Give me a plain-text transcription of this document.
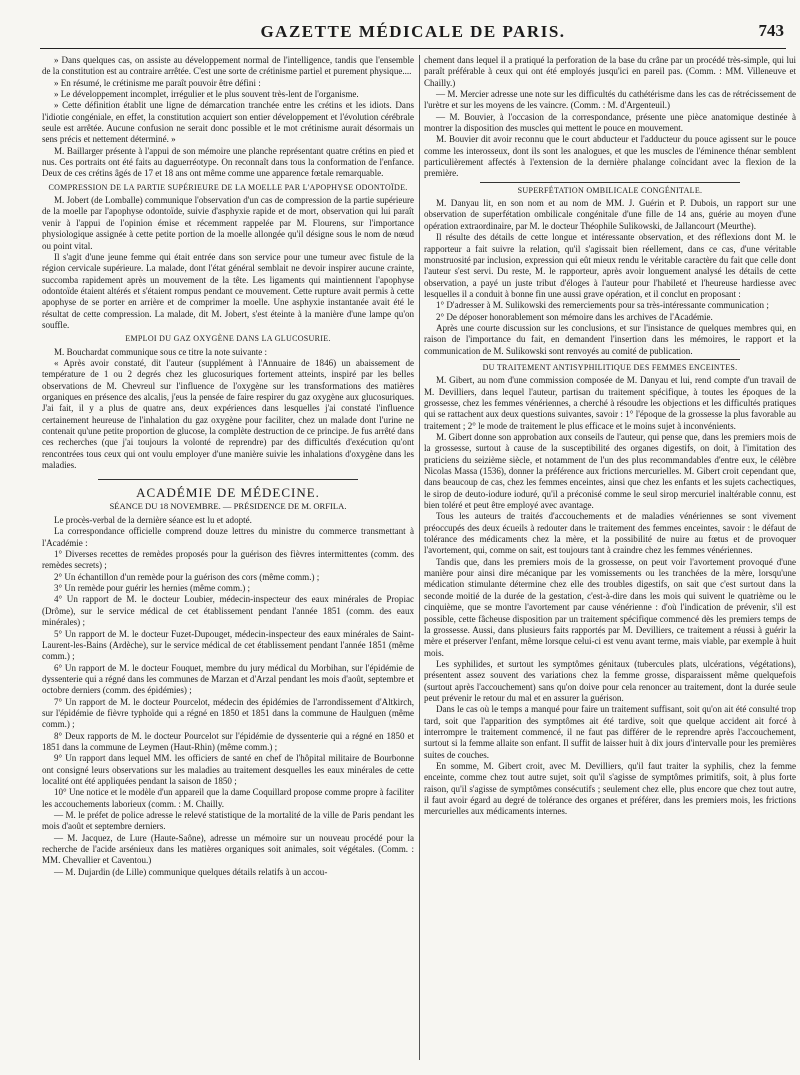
GAZETTE MÉDICALE DE PARIS.	743

» Dans quelques cas, on assiste au développement normal de l'intelligence, tandis que l'ensemble de la constitution est au contraire arrêtée. C'est une sorte de crétinisme partiel et purement physique....

» En résumé, le crétinisme me paraît pouvoir être défini :

» Le développement incomplet, irrégulier et le plus souvent très-lent de l'organisme.

» Cette définition établit une ligne de démarcation tranchée entre les crétins et les idiots. Dans l'idiotie congéniale, en effet, la constitution acquiert son entier développement et l'évolution cérébrale seule est arrêtée. Aucune confusion ne serait donc possible et le mot crétinisme aurait désormais un sens précis et nettement déterminé. »

M. Baillarger présente à l'appui de son mémoire une planche représentant quatre crétins en pied et nus. Ces portraits ont été faits au daguerréotype. On reconnaît dans tous la conformation de l'enfance. Deux de ces crétins âgés de 17 et 18 ans ont même comme une apparence fœtale remarquable.

COMPRESSION DE LA PARTIE SUPÉRIEURE DE LA MOELLE PAR L'APOPHYSE ODONTOÏDE.

M. Jobert (de Lomballe) communique l'observation d'un cas de compression de la partie supérieure de la moelle par l'apophyse odontoïde, suivie d'asphyxie rapide et de mort, observation qui lui paraît venir à l'appui de l'opinion émise et récemment rappelée par M. Flourens, sur l'importance physiologique assignée à cette petite portion de la moelle allongée qu'il désigne sous le nom de nœud ou point vital.

Il s'agit d'une jeune femme qui était entrée dans son service pour une tumeur avec fistule de la région cervicale supérieure. La malade, dont l'état général semblait ne devoir inspirer aucune crainte, succomba rapidement après un mouvement de la tête. Les ligaments qui maintiennent l'apophyse odontoïde étaient altérés et s'étaient rompus pendant ce mouvement. Cette rupture avait permis à cette apophyse de se porter en arrière et de comprimer la moelle. Une asphyxie instantanée avait été le résultat de cette compression. La malade, dit M. Jobert, s'est éteinte à la manière d'une lampe qu'on souffle.

EMPLOI DU GAZ OXYGÈNE DANS LA GLUCOSURIE.

M. Bouchardat communique sous ce titre la note suivante :

« Après avoir constaté, dit l'auteur (supplément à l'Annuaire de 1846) un abaissement de température de 1 ou 2 degrés chez les glucosuriques fortement atteints, inspiré par les belles observations de M. Chevreul sur l'influence de l'oxygène sur les transformations des matières organiques en présence des alcalis, j'eus la pensée de faire respirer du gaz oxygène aux glucosuriques. J'ai fait, il y a plus de quatre ans, deux expériences dans lesquelles j'ai constaté l'influence certainement heureuse de l'inhalation du gaz oxygène pour faciliter, chez un malade dont l'urine ne contenait qu'une petite proportion de glucose, la complète destruction de ce principe. Je fus arrêté dans ces recherches (que j'ai toujours la volonté de reprendre) par des difficultés d'exécution qu'ont rencontrées tous ceux qui ont voulu employer d'une manière suivie les inhalations d'oxygène dans les maladies.

ACADÉMIE DE MÉDECINE.
SÉANCE DU 18 NOVEMBRE. — PRÉSIDENCE DE M. ORFILA.

Le procès-verbal de la dernière séance est lu et adopté.

La correspondance officielle comprend douze lettres du ministre du commerce transmettant à l'Académie :

1° Diverses recettes de remèdes proposés pour la guérison des fièvres intermittentes (comm. des remèdes secrets) ;

2° Un échantillon d'un remède pour la guérison des cors (même comm.) ;

3° Un remède pour guérir les hernies (même comm.) ;

4° Un rapport de M. le docteur Loubier, médecin-inspecteur des eaux minérales de Propiac (Drôme), sur le service médical de cet établissement pendant l'année 1851 (comm. des eaux minérales) ;

5° Un rapport de M. le docteur Fuzet-Dupouget, médecin-inspecteur des eaux minérales de Saint-Laurent-les-Bains (Ardèche), sur le service médical de cet établissement pendant l'année 1851 (même comm.) ;

6° Un rapport de M. le docteur Fouquet, membre du jury médical du Morbihan, sur l'épidémie de dyssenterie qui a régné dans les communes de Marzan et d'Arzal pendant les mois d'août, septembre et octobre derniers (comm. des épidémies) ;

7° Un rapport de M. le docteur Pourcelot, médecin des épidémies de l'arrondissement d'Altkirch, sur l'épidémie de fièvre typhoïde qui a régné en 1850 et 1851 dans la commune de Haulguen (même comm.) ;

8° Deux rapports de M. le docteur Pourcelot sur l'épidémie de dyssenterie qui a régné en 1850 et 1851 dans la commune de Leymen (Haut-Rhin) (même comm.) ;

9° Un rapport dans lequel MM. les officiers de santé en chef de l'hôpital militaire de Bourbonne ont consigné leurs observations sur les maladies au traitement desquelles les eaux minérales de cette localité ont été appliquées pendant la saison de 1850 ;

10° Une notice et le modèle d'un appareil que la dame Coquillard propose comme propre à faciliter les accouchements laborieux (comm. : M. Chailly.

— M. le préfet de police adresse le relevé statistique de la mortalité de la ville de Paris pendant les mois d'août et septembre derniers.

— M. Jacquez, de Lure (Haute-Saône), adresse un mémoire sur un nouveau procédé pour la recherche de l'acide arsénieux dans les matières organiques soit animales, soit végétales. (Comm. : MM. Chevallier et Caventou.)

— M. Dujardin (de Lille) communique quelques détails relatifs à un accou-

chement dans lequel il a pratiqué la perforation de la base du crâne par un procédé très-simple, qui lui paraît préférable à ceux qui ont été employés jusqu'ici en pareil pas. (Comm. : MM. Villeneuve et Chailly.)

— M. Mercier adresse une note sur les difficultés du cathétérisme dans les cas de rétrécissement de l'urètre et sur les moyens de les vaincre. (Comm. : M. d'Argenteuil.)

— M. Bouvier, à l'occasion de la correspondance, présente une pièce anatomique destinée à montrer la disposition des muscles qui mettent le pouce en mouvement.

M. Bouvier dit avoir reconnu que le court abducteur et l'adducteur du pouce agissent sur le pouce comme les interosseux, dont ils sont les analogues, et que les muscles de l'éminence thénar semblent particulièrement affectés à l'extension de la dernière phalange coïncidant avec la flexion de la première.

SUPERFÉTATION OMBILICALE CONGÉNITALE.

M. Danyau lit, en son nom et au nom de MM. J. Guérin et P. Dubois, un rapport sur une observation de superfétation ombilicale congénitale d'une fille de 14 ans, guérie au moyen d'une opération extraordinaire, par M. le docteur Théophile Sulikowski, de Jallancourt (Meurthe).

Il résulte des détails de cette longue et intéressante observation, et des réflexions dont M. le rapporteur a fait suivre la relation, qu'il s'agissait bien réellement, dans ce cas, d'une véritable monstruosité par inclusion, expression qui eût mieux rendu le véritable caractère du fait que celle dont l'auteur s'est servi. Du reste, M. le rapporteur, après avoir longuement analysé les détails de cette observation, a payé un juste tribut d'éloges à l'auteur pour l'habileté et l'heureuse hardiesse avec lesquelles il a conduit à bonne fin une aussi grave opération, et il conclut en proposant :

1° D'adresser à M. Sulikowski des remerciements pour sa très-intéressante communication ;

2° De déposer honorablement son mémoire dans les archives de l'Académie.

Après une courte discussion sur les conclusions, et sur l'insistance de quelques membres qui, en raison de l'importance du fait, en demandent l'insertion dans les mémoires, le rapport et la communication de M. Sulikowski sont renvoyés au comité de publication.

DU TRAITEMENT ANTISYPHILITIQUE DES FEMMES ENCEINTES.

M. Gibert, au nom d'une commission composée de M. Danyau et lui, rend compte d'un travail de M. Devilliers, dans lequel l'auteur, partisan du traitement spécifique, à toutes les époques de la grossesse, chez les femmes vénériennes, a cherché à résoudre les objections et les difficultés pratiques qui se rattachent aux deux questions suivantes, savoir : 1° l'époque de la grossesse la plus favorable au traitement ; 2° le mode de traitement le plus efficace et le moins sujet à inconvénients.

M. Gibert donne son approbation aux conseils de l'auteur, qui pense que, dans les premiers mois de la grossesse, surtout à cause de la susceptibilité des organes digestifs, on doit, à l'imitation des praticiens du seizième siècle, et notamment de l'un des plus recommandables d'entre eux, le célèbre Nicolas Massa (1536), donner la préférence aux frictions mercurielles. M. Gibert croit cependant que, dans beaucoup de cas, chez les femmes enceintes, ainsi que chez les enfants et les sujets cachectiques, le sirop de deuto-iodure ioduré, qu'il a préconisé comme le seul sirop mercuriel inaltérable connu, est bien toléré et peut être employé avec avantage.

Tous les auteurs de traités d'accouchements et de maladies vénériennes se sont vivement préoccupés des deux écueils à redouter dans le traitement des femmes enceintes, savoir : le défaut de tolérance des médicaments chez la mère, et la possibilité de nuire au fœtus et de provoquer l'avortement, qui, comme on sait, est toujours tant à craindre chez les femmes vénériennes.

Tandis que, dans les premiers mois de la grossesse, on peut voir l'avortement provoqué d'une manière pour ainsi dire mécanique par les vomissements ou les tranchées de la mère, lorsqu'une médication stimulante détermine chez elle des troubles digestifs, on sait que c'est surtout dans la seconde moitié de la durée de la gestation, c'est-à-dire dans les mois qui suivent le quatrième ou le cinquième, que se montre l'avortement par cause vénérienne : d'où l'indication de prévenir, s'il est possible, cette fâcheuse disposition par un traitement spécifique commencé dès les premiers temps de la grossesse. Aussi, dans plusieurs faits rapportés par M. Devilliers, ce traitement a réussi à guérir la mère et préserver l'enfant, même lorsque celui-ci est venu avant terme, mais viable, par exemple à huit mois.

Les syphilides, et surtout les symptômes génitaux (tubercules plats, ulcérations, végétations), présentent assez souvent des variations chez la femme grosse, disparaissent même quelquefois (surtout après l'accouchement) sans qu'on doive pour cela renoncer au traitement, dont la durée seule peut prévenir le retour du mal et en assurer la guérison.

Dans le cas où le temps a manqué pour faire un traitement suffisant, soit qu'on ait été consulté trop tard, soit que l'apparition des symptômes ait été tardive, soit que quelque accident ait forcé à interrompre le traitement commencé, il ne faut pas différer de le reprendre après l'accouchement, surtout si la femme allaite son enfant. Il suffit de laisser huit à dix jours d'intervalle pour les premières suites de couches.

En somme, M. Gibert croit, avec M. Devilliers, qu'il faut traiter la syphilis, chez la femme enceinte, comme chez tout autre sujet, soit qu'il s'agisse de symptômes primitifs, soit, à plus forte raison, qu'il s'agisse de symptômes consécutifs ; seulement chez elle, plus encore que chez tout autre, il faut avoir égard au degré de tolérance des organes et préférer, dans les premiers mois, les frictions mercurielles aux médicaments internes.
